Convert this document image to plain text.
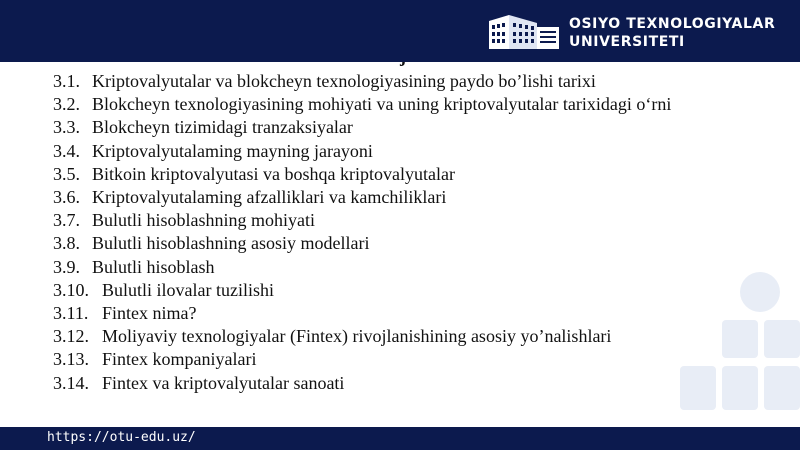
OSIYO TEXNOLOGIYALAR
UNIVERSITETI
3.1. Kriptovalyutalar va blokcheyn texnologiyasining paydo bo’lishi tarixi
3.2. Blokcheyn texnologiyasining mohiyati va uning kriptovalyutalar tarixidagi oʻrni
3.3. Blokcheyn tizimidagi tranzaksiyalar
3.4. Kriptovalyutalaming mayning jarayoni
3.5. Bitkoin kriptovalyutasi va boshqa kriptovalyutalar
3.6. Kriptovalyutalaming afzalliklari va kamchiliklari
3.7. Bulutli hisoblashning mohiyati
3.8. Bulutli hisoblashning asosiy modellari
3.9. Bulutli hisoblash
3.10. Bulutli ilovalar tuzilishi
3.11. Fintex nima?
3.12. Moliyaviy texnologiyalar (Fintex) rivojlanishining asosiy yo’nalishlari
3.13. Fintex kompaniyalari
3.14. Fintex va kriptovalyutalar sanoati
https://otu-edu.uz/
